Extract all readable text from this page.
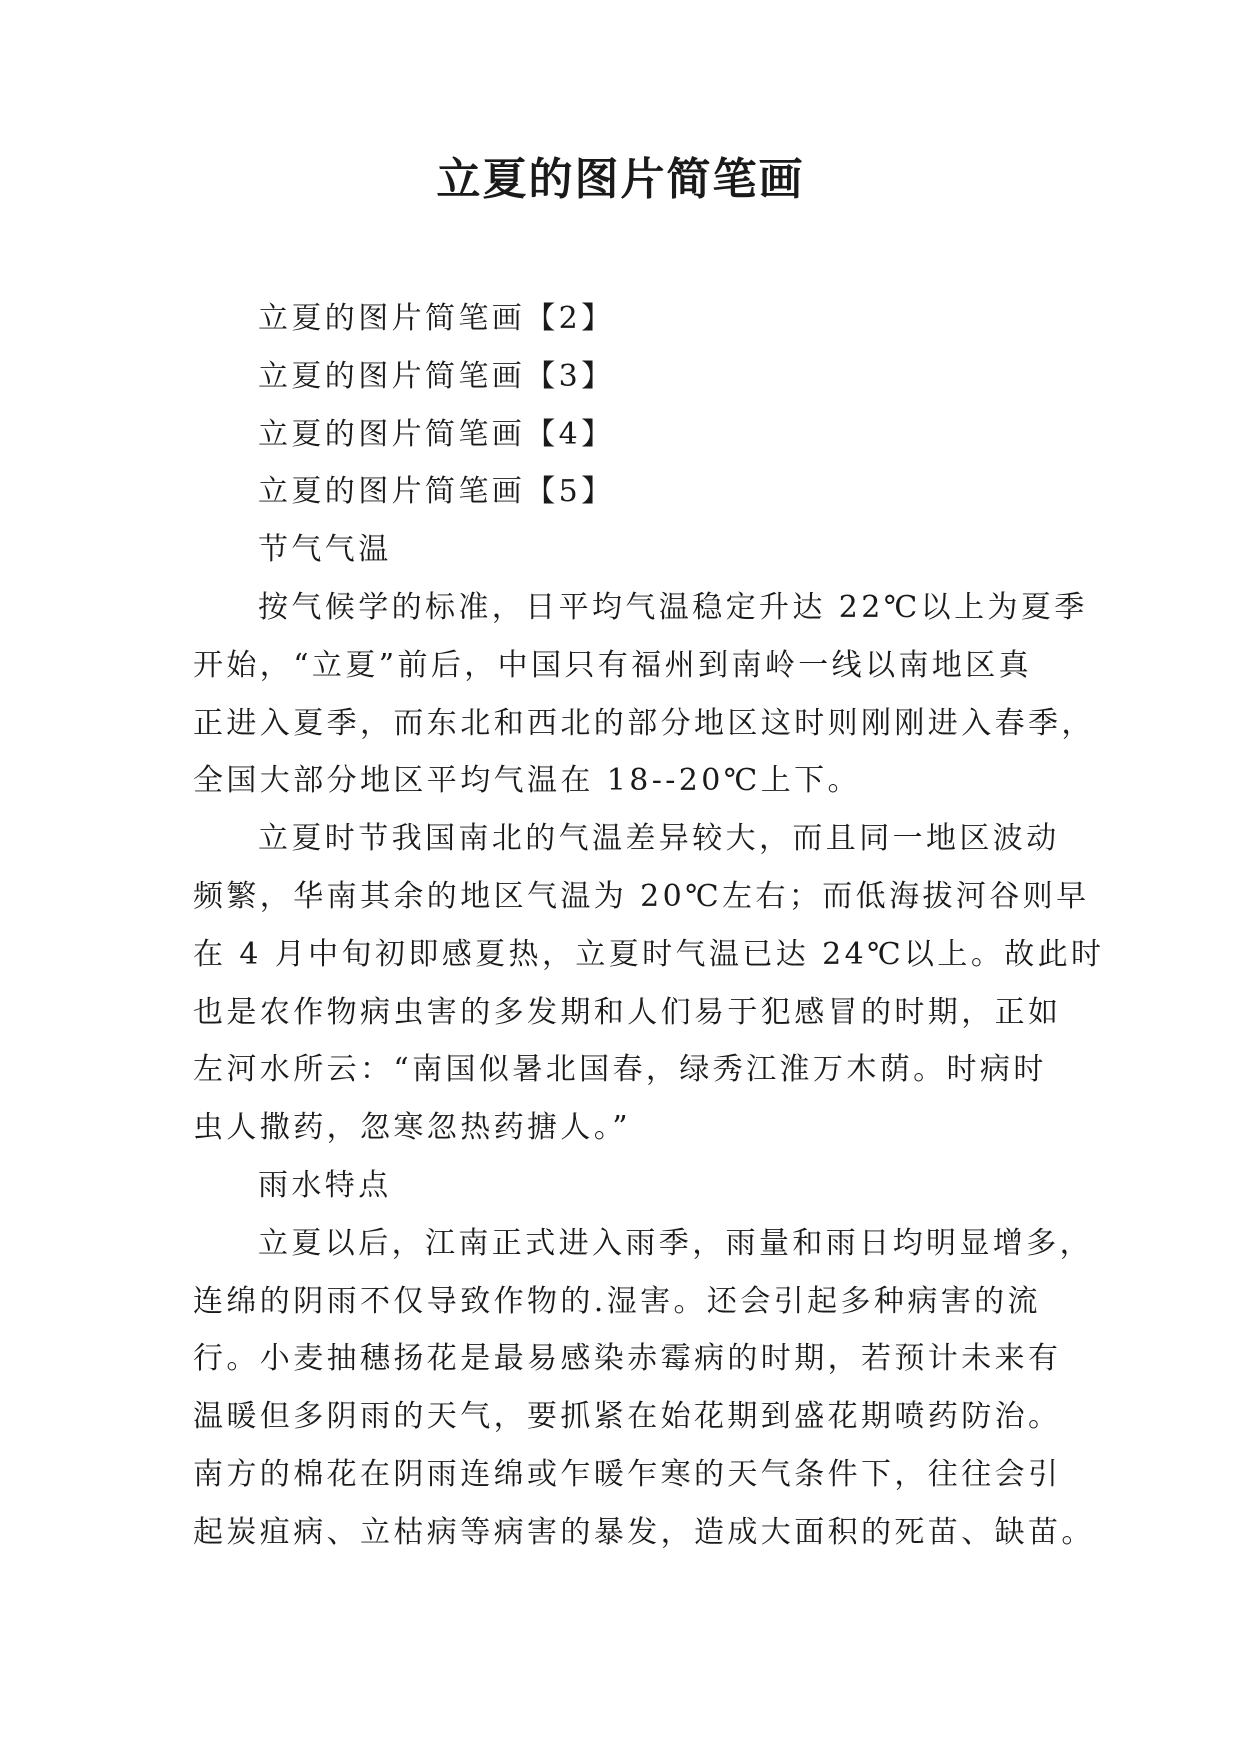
立夏的图片简笔画

立夏的图片简笔画【2】

立夏的图片简笔画【3】

立夏的图片简笔画【4】

立夏的图片简笔画【5】

节气气温

按气候学的标准，日平均气温稳定升达 22℃以上为夏季

开始，“立夏”前后，中国只有福州到南岭一线以南地区真

正进入夏季，而东北和西北的部分地区这时则刚刚进入春季，

全国大部分地区平均气温在 18--20℃上下。

立夏时节我国南北的气温差异较大，而且同一地区波动

频繁，华南其余的地区气温为 20℃左右；而低海拔河谷则早

在 4 月中旬初即感夏热，立夏时气温已达 24℃以上。故此时

也是农作物病虫害的多发期和人们易于犯感冒的时期，正如

左河水所云：“南国似暑北国春，绿秀江淮万木荫。时病时

虫人撒药，忽寒忽热药搪人。”

雨水特点

立夏以后，江南正式进入雨季，雨量和雨日均明显增多，

连绵的阴雨不仅导致作物的.湿害。还会引起多种病害的流

行。小麦抽穗扬花是最易感染赤霉病的时期，若预计未来有

温暖但多阴雨的天气，要抓紧在始花期到盛花期喷药防治。

南方的棉花在阴雨连绵或乍暖乍寒的天气条件下，往往会引

起炭疽病、立枯病等病害的暴发，造成大面积的死苗、缺苗。
